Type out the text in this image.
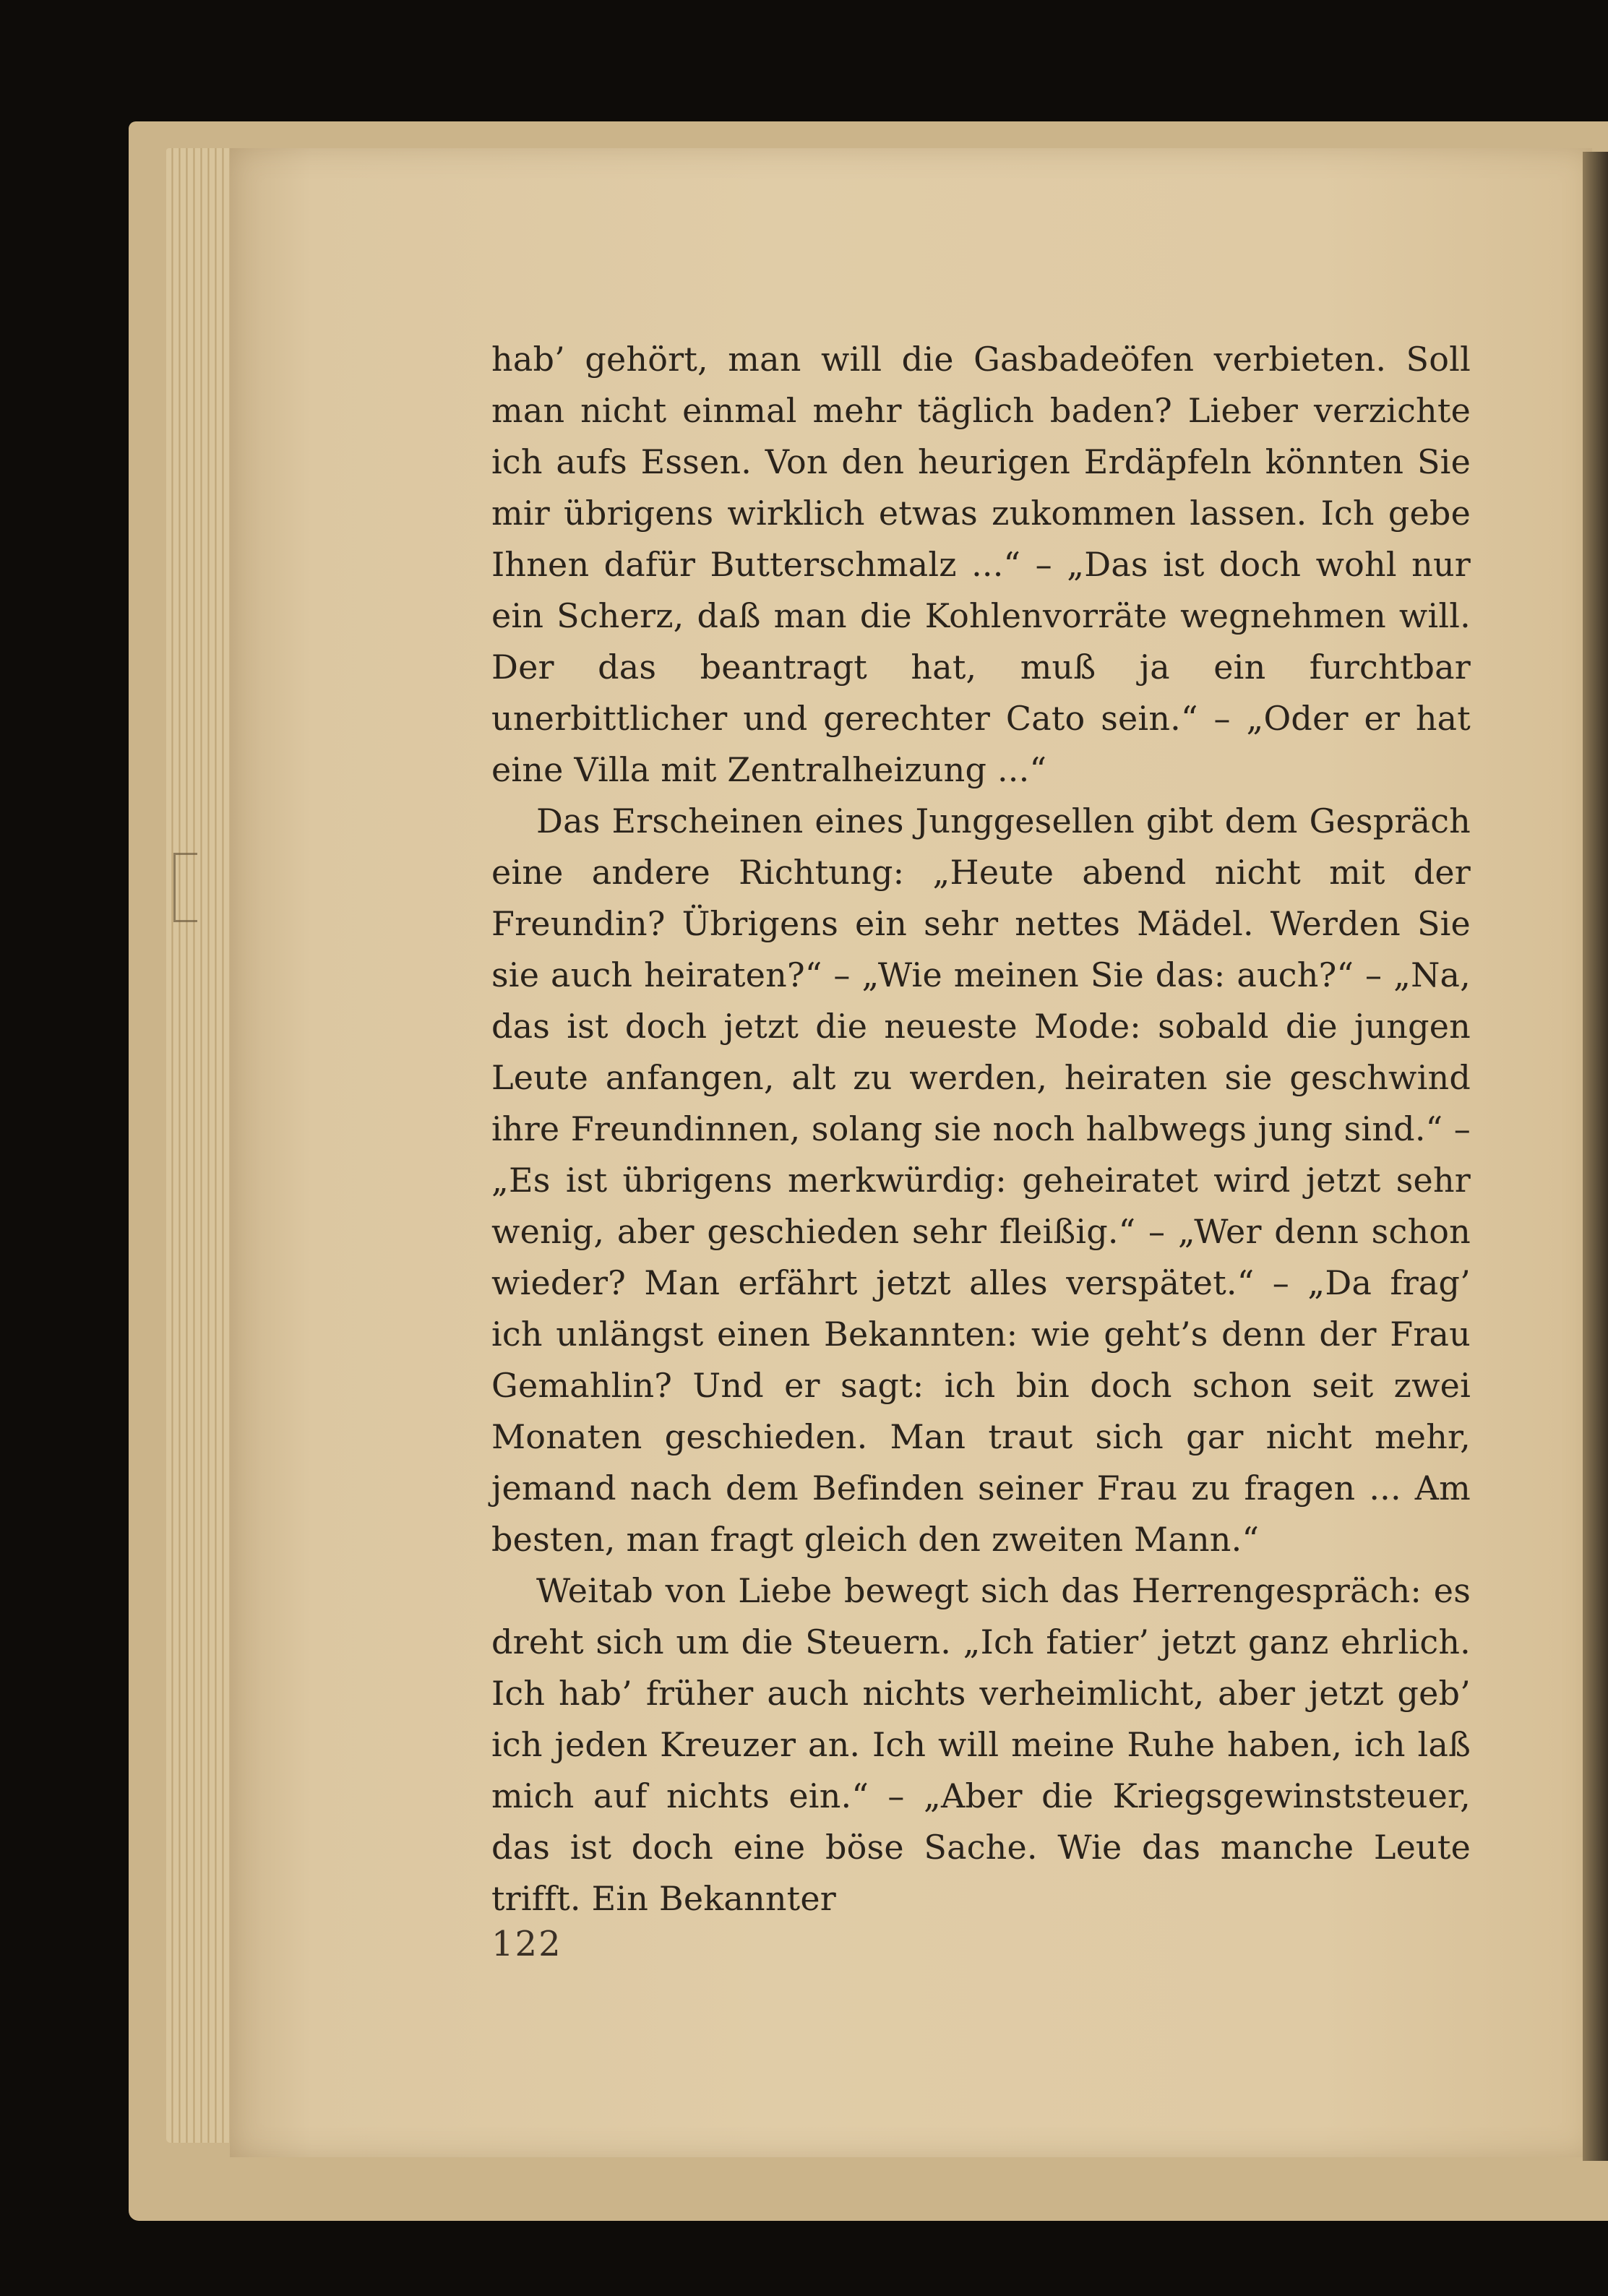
hab’ gehört, man will die Gasbadeöfen verbieten. Soll man nicht einmal mehr täglich baden? Lieber verzichte ich aufs Essen. Von den heurigen Erdäpfeln könnten Sie mir übrigens wirklich etwas zukommen lassen. Ich gebe Ihnen dafür Butterschmalz ...“ – „Das ist doch wohl nur ein Scherz, daß man die Kohlenvorräte wegnehmen will. Der das beantragt hat, muß ja ein furchtbar unerbittlicher und gerechter Cato sein.“ – „Oder er hat eine Villa mit Zentralheizung ...“

Das Erscheinen eines Junggesellen gibt dem Gespräch eine andere Richtung: „Heute abend nicht mit der Freundin? Übrigens ein sehr nettes Mädel. Werden Sie sie auch heiraten?“ – „Wie meinen Sie das: auch?“ – „Na, das ist doch jetzt die neueste Mode: sobald die jungen Leute anfangen, alt zu werden, heiraten sie geschwind ihre Freundinnen, solang sie noch halbwegs jung sind.“ – „Es ist übrigens merkwürdig: geheiratet wird jetzt sehr wenig, aber geschieden sehr fleißig.“ – „Wer denn schon wieder? Man erfährt jetzt alles verspätet.“ – „Da frag’ ich unlängst einen Bekannten: wie geht’s denn der Frau Gemahlin? Und er sagt: ich bin doch schon seit zwei Monaten geschieden. Man traut sich gar nicht mehr, jemand nach dem Befinden seiner Frau zu fragen ... Am besten, man fragt gleich den zweiten Mann.“

Weitab von Liebe bewegt sich das Herrengespräch: es dreht sich um die Steuern. „Ich fatier’ jetzt ganz ehrlich. Ich hab’ früher auch nichts verheimlicht, aber jetzt geb’ ich jeden Kreuzer an. Ich will meine Ruhe haben, ich laß mich auf nichts ein.“ – „Aber die Kriegsgewinststeuer, das ist doch eine böse Sache. Wie das manche Leute trifft. Ein Bekannter

122
